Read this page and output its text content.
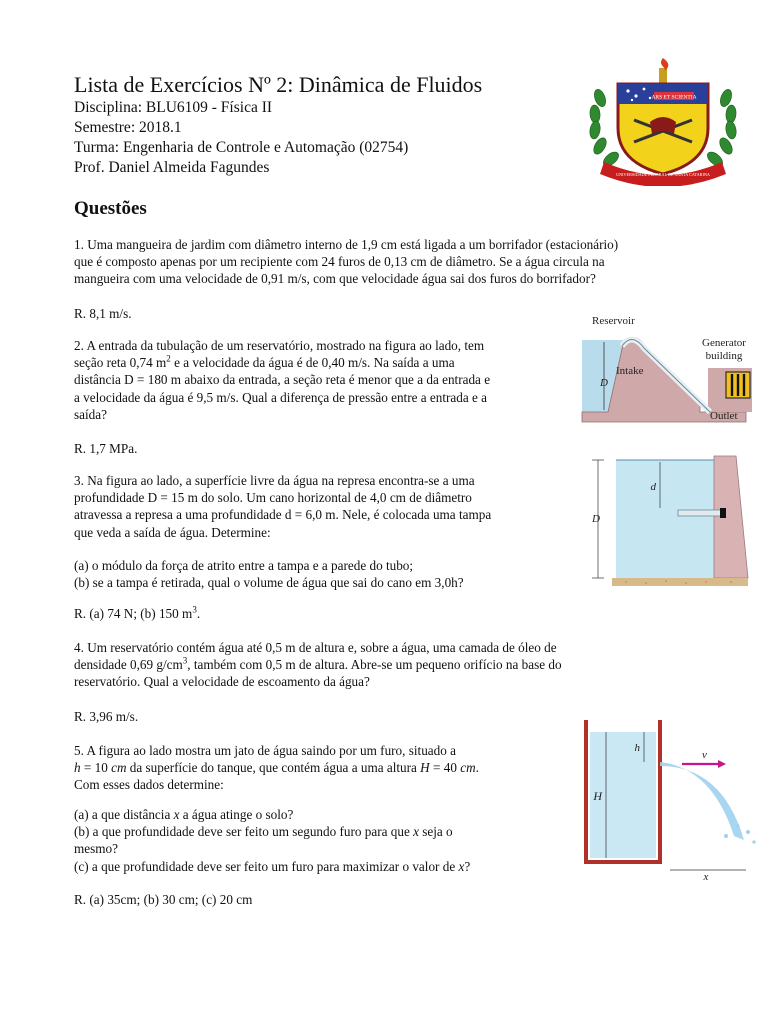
Lista de Exercícios Nº 2: Dinâmica de Fluidos
Disciplina: BLU6109 - Física II
Semestre: 2018.1
Turma: Engenharia de Controle e Automação (02754)
Prof. Daniel Almeida Fagundes
ARS ET SCIENTIA
UNIVERSIDADE FEDERAL DE SANTA CATARINA
Questões
1. Uma mangueira de jardim com diâmetro interno de 1,9 cm está ligada a um borrifador (estacionário)
que é composto apenas por um recipiente com 24 furos de 0,13 cm de diâmetro. Se a água circula na
mangueira com uma velocidade de 0,91 m/s, com que velocidade água sai dos furos do borrifador?
R. 8,1 m/s.
2. A entrada da tubulação de um reservatório, mostrado na figura ao lado, tem
seção reta 0,74 $m^2$ e a velocidade da água é de 0,40 m/s. Na saída a uma
distância D = 180 m abaixo da entrada, a seção reta é menor que a da entrada e
a velocidade da água é 9,5 m/s. Qual a diferença de pressão entre a entrada e a
saída?
R. 1,7 MPa.
D
Reservoir
Generator
building
Intake
Outlet
3. Na figura ao lado, a superfície livre da água na represa encontra-se a uma
profundidade D = 15 m do solo. Um cano horizontal de 4,0 cm de diâmetro
atravessa a represa a uma profundidade d = 6,0 m. Nele, é colocada uma tampa
que veda a saída de água. Determine:
(a) o módulo da força de atrito entre a tampa e a parede do tubo;
(b) se a tampa é retirada, qual o volume de água que sai do cano em 3,0h?
R. (a) 74 N; (b) 150 $m^3$.
d
D
4. Um reservatório contém água até 0,5 m de altura e, sobre a água, uma camada de óleo de
densidade 0,69 $g/cm^3$, também com 0,5 m de altura. Abre-se um pequeno orifício na base do
reservatório. Qual a velocidade de escoamento da água?
R. 3,96 m/s.
5. A figura ao lado mostra um jato de água saindo por um furo, situado a
h = 10 cm da superfície do tanque, que contém água a uma altura H = 40 cm.
Com esses dados determine:
(a) a que distância x a água atinge o solo?
(b) a que profundidade deve ser feito um segundo furo para que x seja o
mesmo?
(c) a que profundidade deve ser feito um furo para maximizar o valor de x?
R. (a) 35cm; (b) 30 cm; (c) 20 cm
h
H
v
x
